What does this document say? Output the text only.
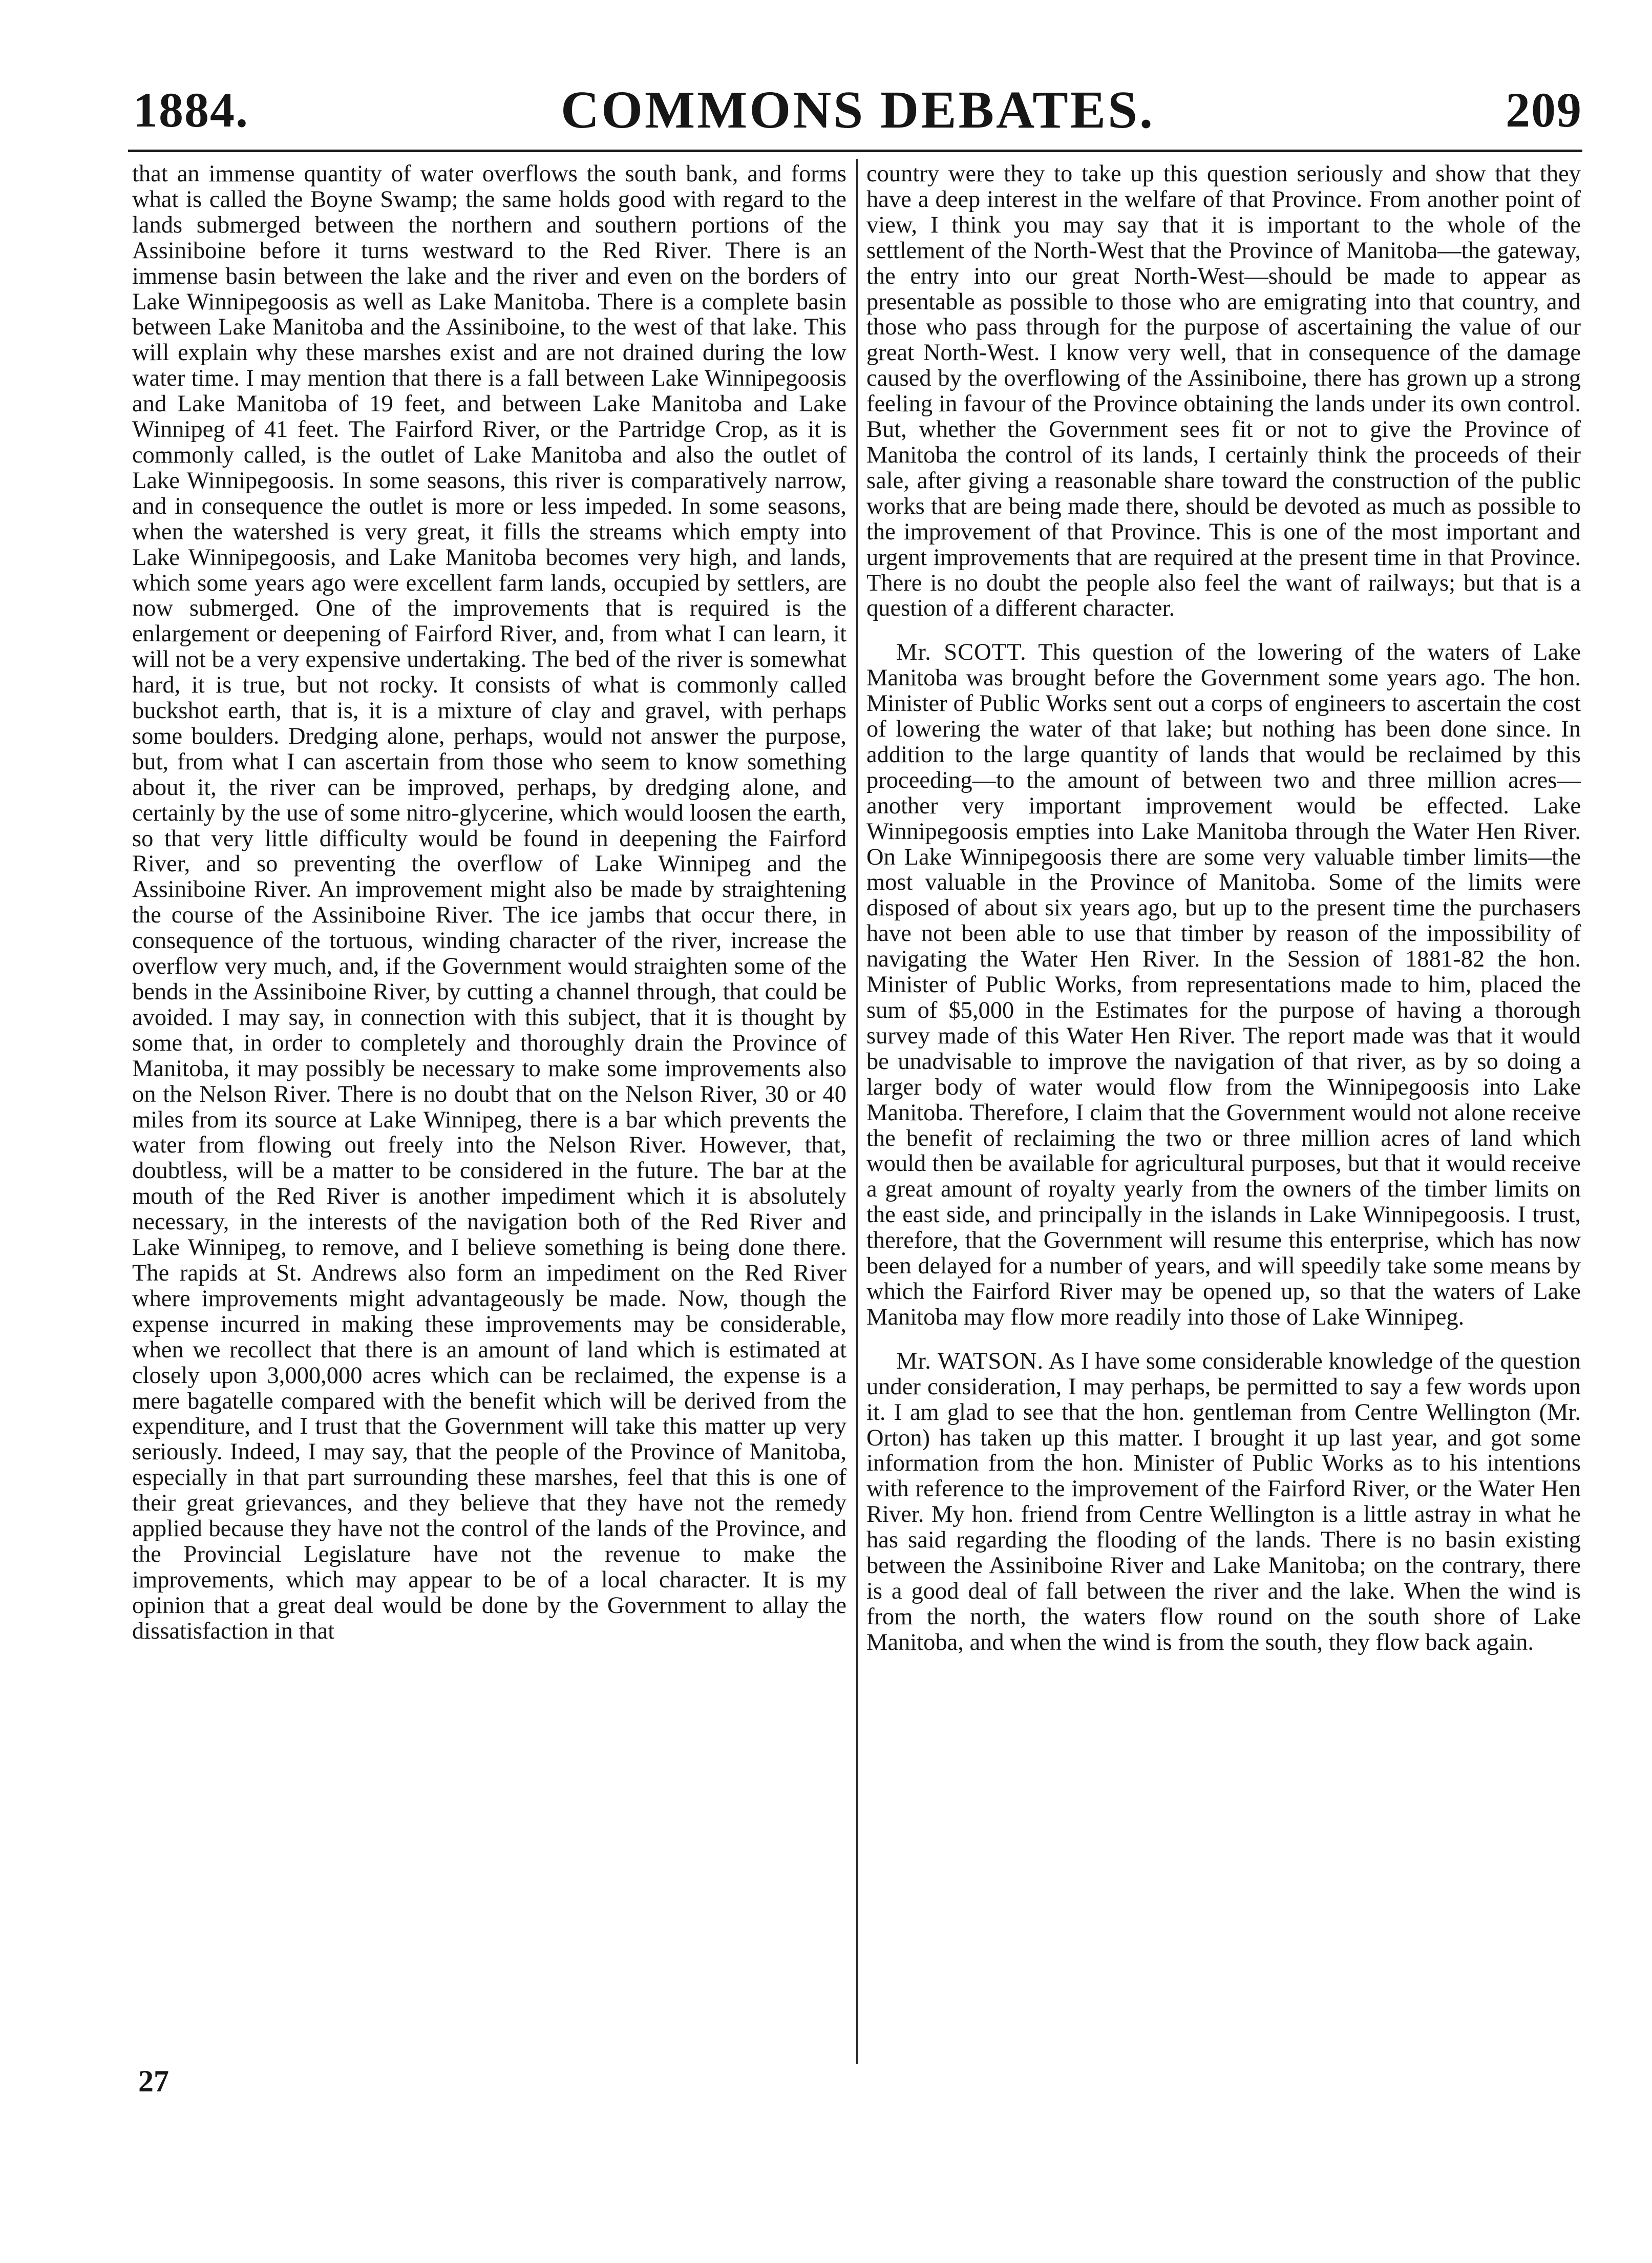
1884.	COMMONS DEBATES.	209

that an immense quantity of water overflows the south bank, and forms what is called the Boyne Swamp; the same holds good with regard to the lands submerged between the northern and southern portions of the Assiniboine before it turns westward to the Red River. There is an immense basin between the lake and the river and even on the borders of Lake Winnipegoosis as well as Lake Manitoba. There is a complete basin between Lake Manitoba and the Assiniboine, to the west of that lake. This will explain why these marshes exist and are not drained during the low water time. I may mention that there is a fall between Lake Winnipegoosis and Lake Manitoba of 19 feet, and between Lake Manitoba and Lake Winnipeg of 41 feet. The Fairford River, or the Partridge Crop, as it is commonly called, is the outlet of Lake Manitoba and also the outlet of Lake Winnipegoosis. In some seasons, this river is comparatively narrow, and in consequence the outlet is more or less impeded. In some seasons, when the watershed is very great, it fills the streams which empty into Lake Winnipegoosis, and Lake Manitoba becomes very high, and lands, which some years ago were excellent farm lands, occupied by settlers, are now submerged. One of the improvements that is required is the enlargement or deepening of Fairford River, and, from what I can learn, it will not be a very expensive undertaking. The bed of the river is somewhat hard, it is true, but not rocky. It consists of what is commonly called buckshot earth, that is, it is a mixture of clay and gravel, with perhaps some boulders. Dredging alone, perhaps, would not answer the purpose, but, from what I can ascertain from those who seem to know something about it, the river can be improved, perhaps, by dredging alone, and certainly by the use of some nitro-glycerine, which would loosen the earth, so that very little difficulty would be found in deepening the Fairford River, and so preventing the overflow of Lake Winnipeg and the Assiniboine River. An improvement might also be made by straightening the course of the Assiniboine River. The ice jambs that occur there, in consequence of the tortuous, winding character of the river, increase the overflow very much, and, if the Government would straighten some of the bends in the Assiniboine River, by cutting a channel through, that could be avoided. I may say, in connection with this subject, that it is thought by some that, in order to completely and thoroughly drain the Province of Manitoba, it may possibly be necessary to make some improvements also on the Nelson River. There is no doubt that on the Nelson River, 30 or 40 miles from its source at Lake Winnipeg, there is a bar which prevents the water from flowing out freely into the Nelson River. However, that, doubtless, will be a matter to be considered in the future. The bar at the mouth of the Red River is another impediment which it is absolutely necessary, in the interests of the navigation both of the Red River and Lake Winnipeg, to remove, and I believe something is being done there. The rapids at St. Andrews also form an impediment on the Red River where improvements might advantageously be made. Now, though the expense incurred in making these improvements may be considerable, when we recollect that there is an amount of land which is estimated at closely upon 3,000,000 acres which can be reclaimed, the expense is a mere bagatelle compared with the benefit which will be derived from the expenditure, and I trust that the Government will take this matter up very seriously. Indeed, I may say, that the people of the Province of Manitoba, especially in that part surrounding these marshes, feel that this is one of their great grievances, and they believe that they have not the remedy applied because they have not the control of the lands of the Province, and the Provincial Legislature have not the revenue to make the improvements, which may appear to be of a local character. It is my opinion that a great deal would be done by the Government to allay the dissatisfaction in that

country were they to take up this question seriously and show that they have a deep interest in the welfare of that Province. From another point of view, I think you may say that it is important to the whole of the settlement of the North-West that the Province of Manitoba—the gateway, the entry into our great North-West—should be made to appear as presentable as possible to those who are emigrating into that country, and those who pass through for the purpose of ascertaining the value of our great North-West. I know very well, that in consequence of the damage caused by the overflowing of the Assiniboine, there has grown up a strong feeling in favour of the Province obtaining the lands under its own control. But, whether the Government sees fit or not to give the Province of Manitoba the control of its lands, I certainly think the proceeds of their sale, after giving a reasonable share toward the construction of the public works that are being made there, should be devoted as much as possible to the improvement of that Province. This is one of the most important and urgent improvements that are required at the present time in that Province. There is no doubt the people also feel the want of railways; but that is a question of a different character.

Mr. SCOTT. This question of the lowering of the waters of Lake Manitoba was brought before the Government some years ago. The hon. Minister of Public Works sent out a corps of engineers to ascertain the cost of lowering the water of that lake; but nothing has been done since. In addition to the large quantity of lands that would be reclaimed by this proceeding—to the amount of between two and three million acres—another very important improvement would be effected. Lake Winnipegoosis empties into Lake Manitoba through the Water Hen River. On Lake Winnipegoosis there are some very valuable timber limits—the most valuable in the Province of Manitoba. Some of the limits were disposed of about six years ago, but up to the present time the purchasers have not been able to use that timber by reason of the impossibility of navigating the Water Hen River. In the Session of 1881-82 the hon. Minister of Public Works, from representations made to him, placed the sum of $5,000 in the Estimates for the purpose of having a thorough survey made of this Water Hen River. The report made was that it would be unadvisable to improve the navigation of that river, as by so doing a larger body of water would flow from the Winnipegoosis into Lake Manitoba. Therefore, I claim that the Government would not alone receive the benefit of reclaiming the two or three million acres of land which would then be available for agricultural purposes, but that it would receive a great amount of royalty yearly from the owners of the timber limits on the east side, and principally in the islands in Lake Winnipegoosis. I trust, therefore, that the Government will resume this enterprise, which has now been delayed for a number of years, and will speedily take some means by which the Fairford River may be opened up, so that the waters of Lake Manitoba may flow more readily into those of Lake Winnipeg.

Mr. WATSON. As I have some considerable knowledge of the question under consideration, I may perhaps, be permitted to say a few words upon it. I am glad to see that the hon. gentleman from Centre Wellington (Mr. Orton) has taken up this matter. I brought it up last year, and got some information from the hon. Minister of Public Works as to his intentions with reference to the improvement of the Fairford River, or the Water Hen River. My hon. friend from Centre Wellington is a little astray in what he has said regarding the flooding of the lands. There is no basin existing between the Assiniboine River and Lake Manitoba; on the contrary, there is a good deal of fall between the river and the lake. When the wind is from the north, the waters flow round on the south shore of Lake Manitoba, and when the wind is from the south, they flow back again.

27
